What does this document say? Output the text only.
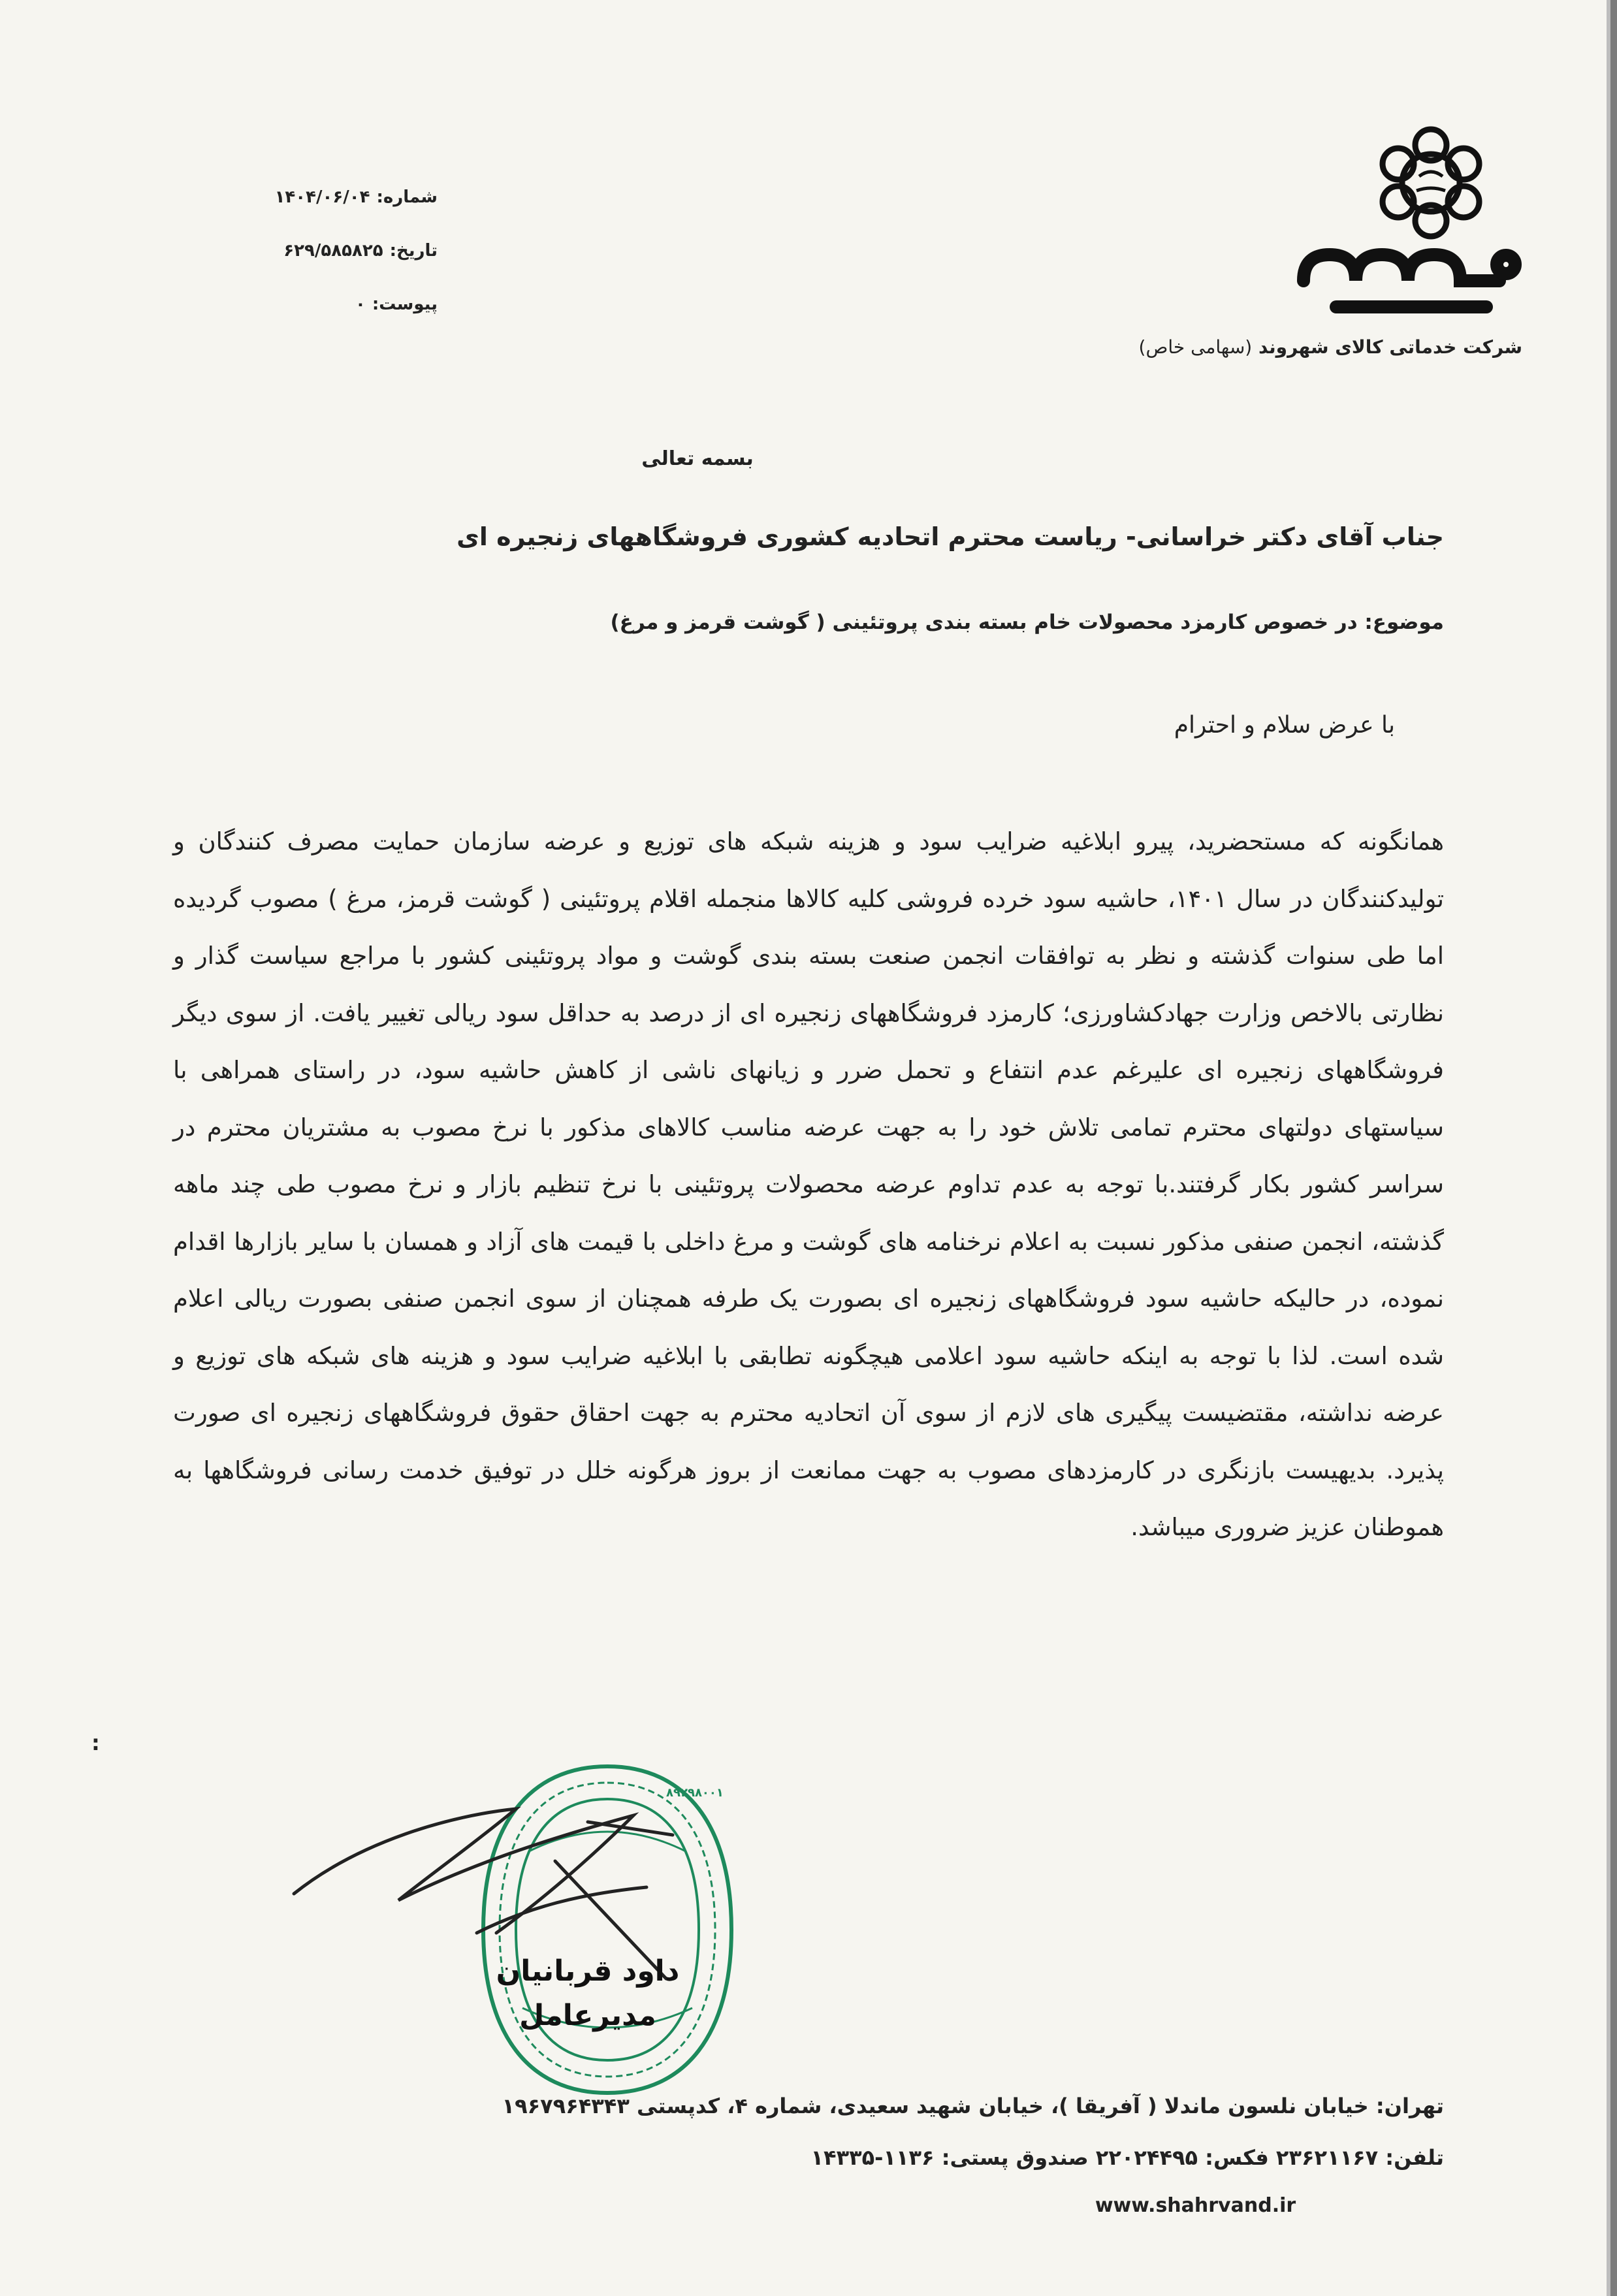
شماره:
۱۴۰۴/۰۶/۰۴
تاریخ:
۶۲۹/۵۸۵۸۲۵
پیوست:
۰
شرکت خدماتی کالای شهروند (سهامی خاص)
بسمه تعالی
جناب آقای دکتر خراسانی- ریاست محترم اتحادیه کشوری فروشگاههای زنجیره ای
موضوع: در خصوص کارمزد محصولات خام بسته بندی پروتئینی ( گوشت قرمز و مرغ)
با عرض سلام و احترام

همانگونه که مستحضرید، پیرو ابلاغیه ضرایب سود و هزینه شبکه های توزیع و عرضه سازمان حمایت مصرف کنندگان و تولیدکنندگان در سال ۱۴۰۱، حاشیه سود خرده فروشی کلیه کالاها منجمله اقلام پروتئینی ( گوشت قرمز، مرغ ) مصوب گردیده اما طی سنوات گذشته و نظر به توافقات انجمن صنعت بسته بندی گوشت و مواد پروتئینی کشور با مراجع سیاست گذار و نظارتی بالاخص وزارت جهادکشاورزی؛ کارمزد فروشگاههای زنجیره ای از درصد به حداقل سود ریالی تغییر یافت. از سوی دیگر فروشگاههای زنجیره ای علیرغم عدم انتفاع و تحمل ضرر و زیانهای ناشی از کاهش حاشیه سود، در راستای همراهی با سیاستهای دولتهای محترم تمامی تلاش خود را به جهت عرضه مناسب کالاهای مذکور با نرخ مصوب به مشتریان محترم در سراسر کشور بکار گرفتند.با توجه به عدم تداوم عرضه محصولات پروتئینی با نرخ تنظیم بازار و نرخ مصوب طی چند ماهه گذشته، انجمن صنفی مذکور نسبت به اعلام نرخنامه های گوشت و مرغ داخلی با قیمت های آزاد و همسان با سایر بازارها اقدام نموده، در حالیکه حاشیه سود فروشگاههای زنجیره ای بصورت یک طرفه همچنان از سوی انجمن صنفی بصورت ریالی اعلام شده است. لذا با توجه به اینکه حاشیه سود اعلامی هیچگونه تطابقی با ابلاغیه ضرایب سود و هزینه های شبکه های توزیع و عرضه نداشته، مقتضیست پیگیری های لازم از سوی آن اتحادیه محترم به جهت احقاق حقوق فروشگاههای زنجیره ای صورت پذیرد. بدیهیست بازنگری در کارمزدهای مصوب به جهت ممانعت از بروز هرگونه خلل در توفیق خدمت رسانی فروشگاهها به هموطنان عزیز ضروری میباشد.

:
۸۹۲۹۸۰۰۱
داود قربانیان
مدیرعامل
تهران: خیابان نلسون ماندلا ( آفریقا )، خیابان شهید سعیدی، شماره ۴، کدپستی ۱۹۶۷۹۶۴۳۴۳
تلفن: ۲۳۶۲۱۱۶۷ فکس: ۲۲۰۲۴۴۹۵ صندوق پستی: ۱۱۳۶-۱۴۳۳۵
www.shahrvand.ir
